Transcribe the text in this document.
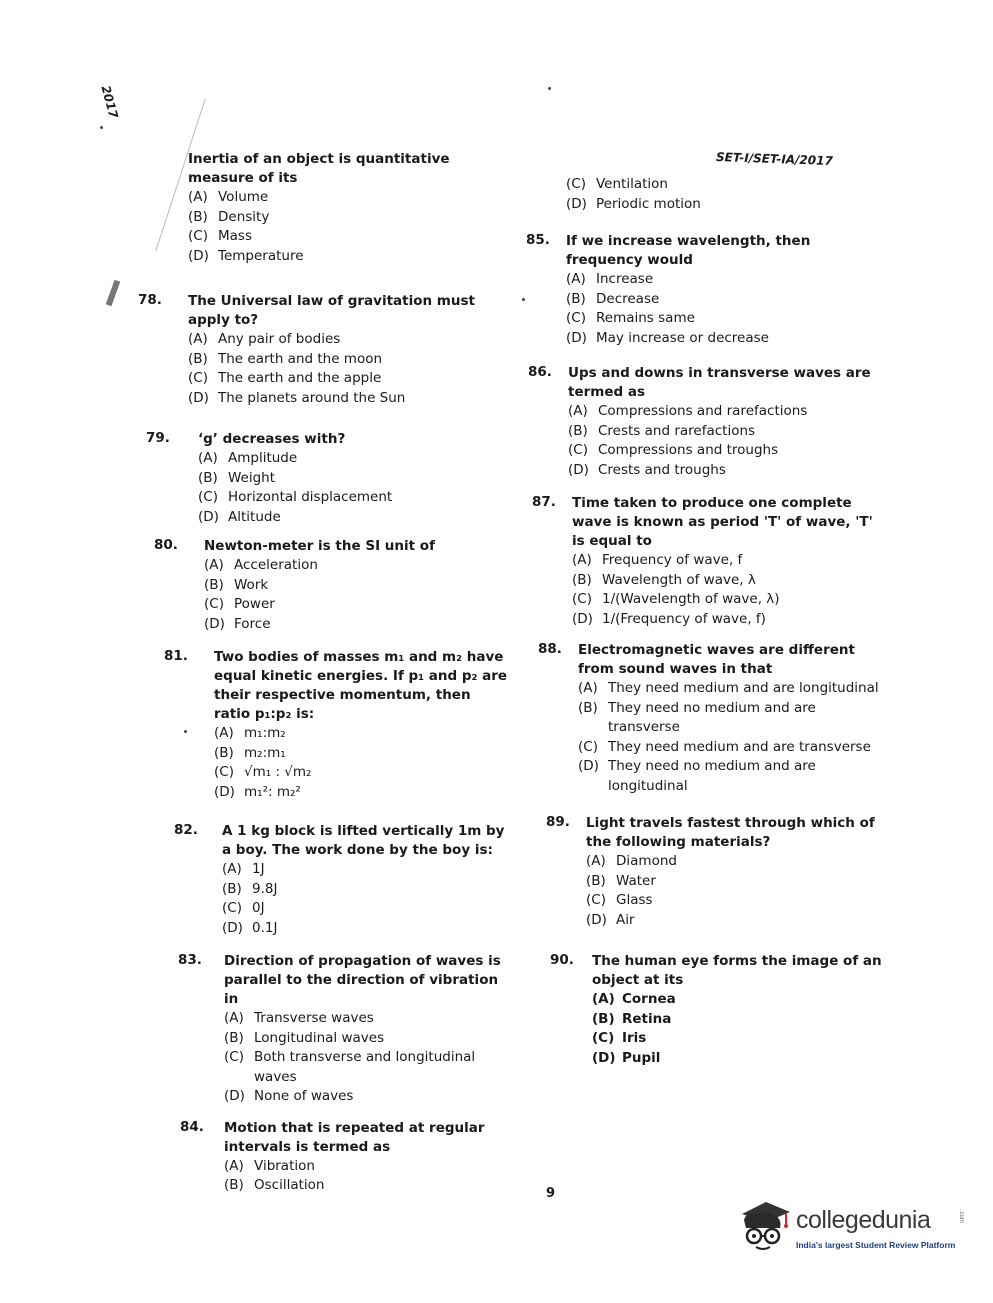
2017
SET-I/SET-IA/2017
Inertia of an object is quantitative measure of its
(A) Volume
(B) Density
(C) Mass
(D) Temperature
78. The Universal law of gravitation must apply to?
(A) Any pair of bodies
(B) The earth and the moon
(C) The earth and the apple
(D) The planets around the Sun
79. ‘g’ decreases with?
(A) Amplitude
(B) Weight
(C) Horizontal displacement
(D) Altitude
80. Newton-meter is the SI unit of
(A) Acceleration
(B) Work
(C) Power
(D) Force
81. Two bodies of masses m₁ and m₂ have equal kinetic energies. If p₁ and p₂ are their respective momentum, then ratio p₁:p₂ is:
(A) m₁:m₂
(B) m₂:m₁
(C) √m₁ : √m₂
(D) m₁²: m₂²
82. A 1 kg block is lifted vertically 1m by a boy. The work done by the boy is:
(A) 1J
(B) 9.8J
(C) 0J
(D) 0.1J
83. Direction of propagation of waves is parallel to the direction of vibration in
(A) Transverse waves
(B) Longitudinal waves
(C) Both transverse and longitudinal waves
(D) None of waves
84. Motion that is repeated at regular intervals is termed as
(A) Vibration
(B) Oscillation
(C) Ventilation
(D) Periodic motion
85. If we increase wavelength, then frequency would
(A) Increase
(B) Decrease
(C) Remains same
(D) May increase or decrease
86. Ups and downs in transverse waves are termed as
(A) Compressions and rarefactions
(B) Crests and rarefactions
(C) Compressions and troughs
(D) Crests and troughs
87. Time taken to produce one complete wave is known as period 'T' of wave, 'T' is equal to
(A) Frequency of wave, f
(B) Wavelength of wave, λ
(C) 1/(Wavelength of wave, λ)
(D) 1/(Frequency of wave, f)
88. Electromagnetic waves are different from sound waves in that
(A) They need medium and are longitudinal
(B) They need no medium and are transverse
(C) They need medium and are transverse
(D) They need no medium and are longitudinal
89. Light travels fastest through which of the following materials?
(A) Diamond
(B) Water
(C) Glass
(D) Air
90. The human eye forms the image of an object at its
(A) Cornea
(B) Retina
(C) Iris
(D) Pupil
9
collegedunia	.com
India's largest Student Review Platform
